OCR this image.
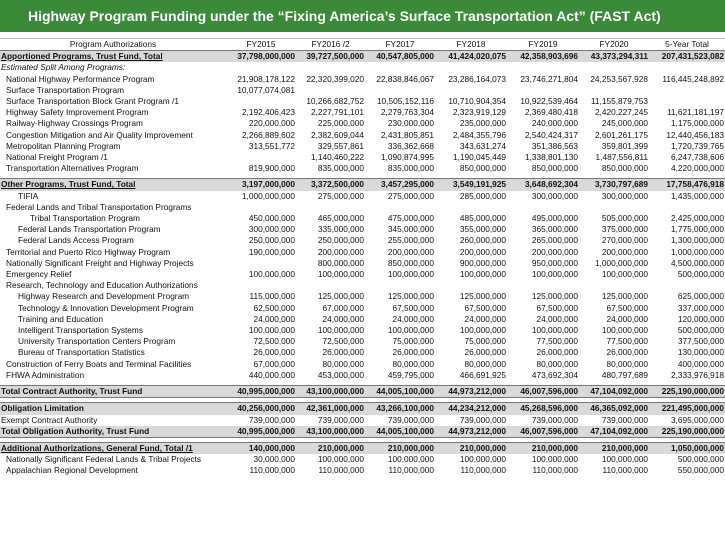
Highway Program Funding under the “Fixing America’s Surface Transportation Act” (FAST Act)
Program Authorizations	FY2015	FY2016 /2	FY2017	FY2018	FY2019	FY2020	5-Year Total
Apportioned Programs, Trust Fund, Total	37,798,000,000	39,727,500,000	40,547,805,000	41,424,020,075	42,358,903,696	43,373,294,311	207,431,523,082
Estimated Split Among Programs:							
National Highway Performance Program	21,908,178,122	22,320,399,020	22,838,846,067	23,286,164,073	23,746,271,804	24,253,567,928	116,445,248,892
Surface Transportation Program	10,077,074,081						
Surface Transportation Block Grant Program /1		10,266,682,752	10,505,152,116	10,710,904,354	10,922,539,464	11,155,879,753	
Highway Safety Improvement Program	2,192,406,423	2,227,791,101	2,279,763,304	2,323,919,129	2,369,480,418	2,420,227,245	11,621,181,197
Railway-Highway Crossings Program	220,000,000	225,000,000	230,000,000	235,000,000	240,000,000	245,000,000	1,175,000,000
Congestion Mitigation and Air Quality Improvement	2,266,889,602	2,382,609,044	2,431,805,851	2,484,355,796	2,540,424,317	2,601,261,175	12,440,456,183
Metropolitan Planning Program	313,551,772	329,557,861	336,362,668	343,631,274	351,386,563	359,801,399	1,720,739,765
National Freight Program /1		1,140,460,222	1,090,874,995	1,190,045,449	1,338,801,130	1,487,556,811	6,247,738,606
Transportation Alternatives Program	819,900,000	835,000,000	835,000,000	850,000,000	850,000,000	850,000,000	4,220,000,000

Other Programs, Trust Fund, Total	3,197,000,000	3,372,500,000	3,457,295,000	3,549,191,925	3,648,692,304	3,730,797,689	17,758,476,918
TIFIA	1,000,000,000	275,000,000	275,000,000	285,000,000	300,000,000	300,000,000	1,435,000,000
Federal Lands and Tribal Transportation Programs							
Tribal Transportation Program	450,000,000	465,000,000	475,000,000	485,000,000	495,000,000	505,000,000	2,425,000,000
Federal Lands Transportation Program	300,000,000	335,000,000	345,000,000	355,000,000	365,000,000	375,000,000	1,775,000,000
Federal Lands Access Program	250,000,000	250,000,000	255,000,000	260,000,000	265,000,000	270,000,000	1,300,000,000
Territorial and Puerto Rico Highway Program	190,000,000	200,000,000	200,000,000	200,000,000	200,000,000	200,000,000	1,000,000,000
Nationally Significant Freight and Highway Projects		800,000,000	850,000,000	900,000,000	950,000,000	1,000,000,000	4,500,000,000
Emergency Relief	100,000,000	100,000,000	100,000,000	100,000,000	100,000,000	100,000,000	500,000,000
Research, Technology and Education Authorizations							
Highway Research and Development Program	115,000,000	125,000,000	125,000,000	125,000,000	125,000,000	125,000,000	625,000,000
Technology & Innovation Development Program	62,500,000	67,000,000	67,500,000	67,500,000	67,500,000	67,500,000	337,000,000
Training and Education	24,000,000	24,000,000	24,000,000	24,000,000	24,000,000	24,000,000	120,000,000
Intelligent Transportation Systems	100,000,000	100,000,000	100,000,000	100,000,000	100,000,000	100,000,000	500,000,000
University Transportation Centers Program	72,500,000	72,500,000	75,000,000	75,000,000	77,500,000	77,500,000	377,500,000
Bureau of Transportation Statistics	26,000,000	26,000,000	26,000,000	26,000,000	26,000,000	26,000,000	130,000,000
Construction of Ferry Boats and Terminal Facilities	67,000,000	80,000,000	80,000,000	80,000,000	80,000,000	80,000,000	400,000,000
FHWA Administration	440,000,000	453,000,000	459,795,000	466,691,925	473,692,304	480,797,689	2,333,976,918

Total Contract Authority, Trust Fund	40,995,000,000	43,100,000,000	44,005,100,000	44,973,212,000	46,007,596,000	47,104,092,000	225,190,000,000

Obligation Limitation	40,256,000,000	42,361,000,000	43,266,100,000	44,234,212,000	45,268,596,000	46,365,092,000	221,495,000,000
Exempt Contract Authority	739,000,000	739,000,000	739,000,000	739,000,000	739,000,000	739,000,000	3,695,000,000
Total Obligation Authority, Trust Fund	40,995,000,000	43,100,000,000	44,005,100,000	44,973,212,000	46,007,596,000	47,104,092,000	225,190,000,000

Additional Authorizations, General Fund, Total /1	140,000,000	210,000,000	210,000,000	210,000,000	210,000,000	210,000,000	1,050,000,000
Nationally Significant Federal Lands & Tribal Projects	30,000,000	100,000,000	100,000,000	100,000,000	100,000,000	100,000,000	500,000,000
Appalachian Regional Development	110,000,000	110,000,000	110,000,000	110,000,000	110,000,000	110,000,000	550,000,000
